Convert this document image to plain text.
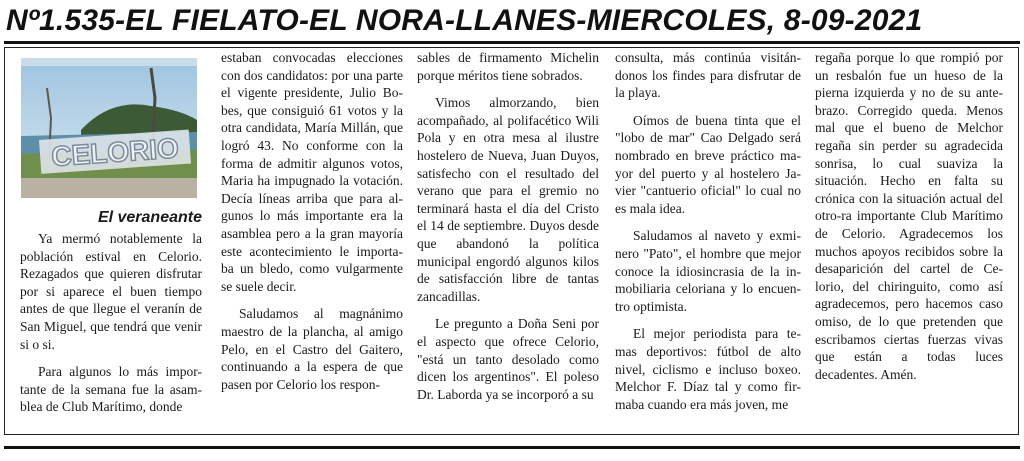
Nº1.535-EL FIELATO-EL NORA-LLANES-MIERCOLES, 8-09-2021
CELORIO
El veraneante

Ya mermó notablemente la población estival en Celorio. Rezagados que quieren disfrutar por si aparece el buen tiempo antes de que llegue el veranín de San Miguel, que tendrá que venir si o si.

Para algunos lo más impor-tante de la semana fue la asam-blea de Club Marítimo, donde

estaban convocadas elecciones con dos candidatos: por una parte el vigente presidente, Julio Bo-bes, que consiguió 61 votos y la otra candidata, María Millán, que logró 43. No conforme con la forma de admitir algunos votos, Maria ha impugnado la votación. Decía líneas arriba que para al-gunos lo más importante era la asamblea pero a la gran mayoría este acontecimiento le importa-ba un bledo, como vulgarmente se suele decir.

Saludamos al magnánimo maestro de la plancha, al amigo Pelo, en el Castro del Gaitero, continuando a la espera de que pasen por Celorio los respon-

sables de firmamento Michelin porque méritos tiene sobrados.

Vimos almorzando, bien acompañado, al polifacético Wili Pola y en otra mesa al ilustre hostelero de Nueva, Juan Duyos, satisfecho con el resultado del verano que para el gremio no terminará hasta el día del Cristo el 14 de septiembre. Duyos desde que abandonó la política municipal engordó algunos kilos de satisfacción libre de tantas zancadillas.

Le pregunto a Doña Seni por el aspecto que ofrece Celorio, "está un tanto desolado como dicen los argentinos". El poleso Dr. Laborda ya se incorporó a su

consulta, más continúa visitán-donos los findes para disfrutar de la playa.

Oímos de buena tinta que el "lobo de mar" Cao Delgado será nombrado en breve práctico ma-yor del puerto y al hostelero Ja-vier "cantuerio oficial" lo cual no es mala idea.

Saludamos al naveto y exmi-nero "Pato", el hombre que mejor conoce la idiosincrasia de la in-mobiliaria celoriana y lo encuen-tro optimista.

El mejor periodista para te-mas deportivos: fútbol de alto nivel, ciclismo e incluso boxeo. Melchor F. Díaz tal y como fir-maba cuando era más joven, me

regaña porque lo que rompió por un resbalón fue un hueso de la pierna izquierda y no de su ante-brazo. Corregido queda. Menos mal que el bueno de Melchor regaña sin perder su agradecida sonrisa, lo cual suaviza la situación. Hecho en falta su crónica con la situación actual del otro-ra importante Club Marítimo de Celorio. Agradecemos los muchos apoyos recibidos sobre la desaparición del cartel de Ce-lorio, del chiringuito, como así agradecemos, pero hacemos caso omiso, de lo que pretenden que escribamos ciertas fuerzas vivas que están a todas luces decadentes. Amén.
